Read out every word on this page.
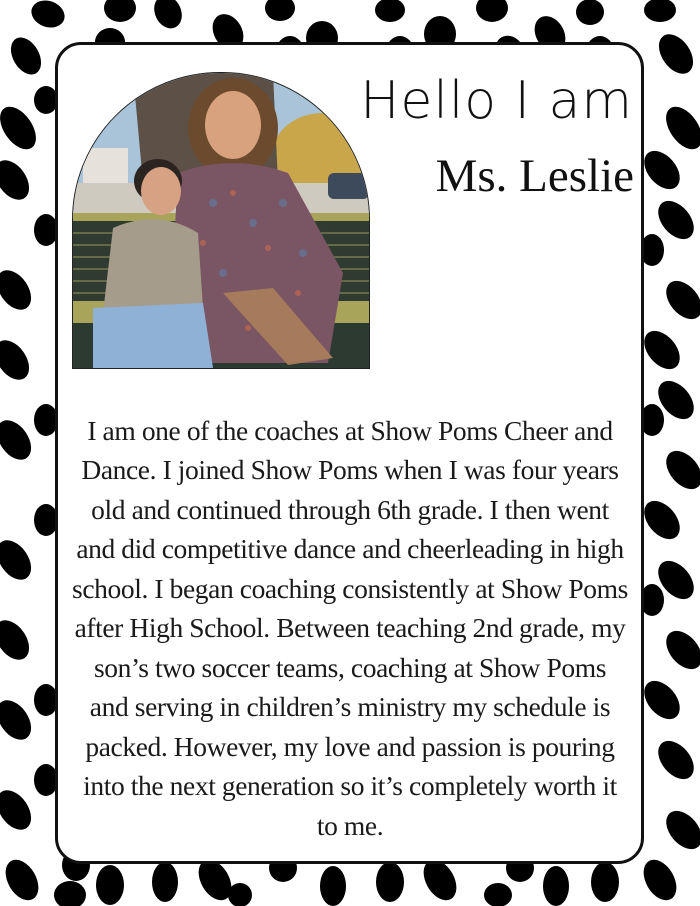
Hello I am
Ms. Leslie

I am one of the coaches at Show Poms Cheer and Dance. I joined Show Poms when I was four years old and continued through 6th grade. I then went and did competitive dance and cheerleading in high school. I began coaching consistently at Show Poms after High School. Between teaching 2nd grade, my son’s two soccer teams, coaching at Show Poms and serving in children’s ministry my schedule is packed. However, my love and passion is pouring into the next generation so it’s completely worth it to me.
